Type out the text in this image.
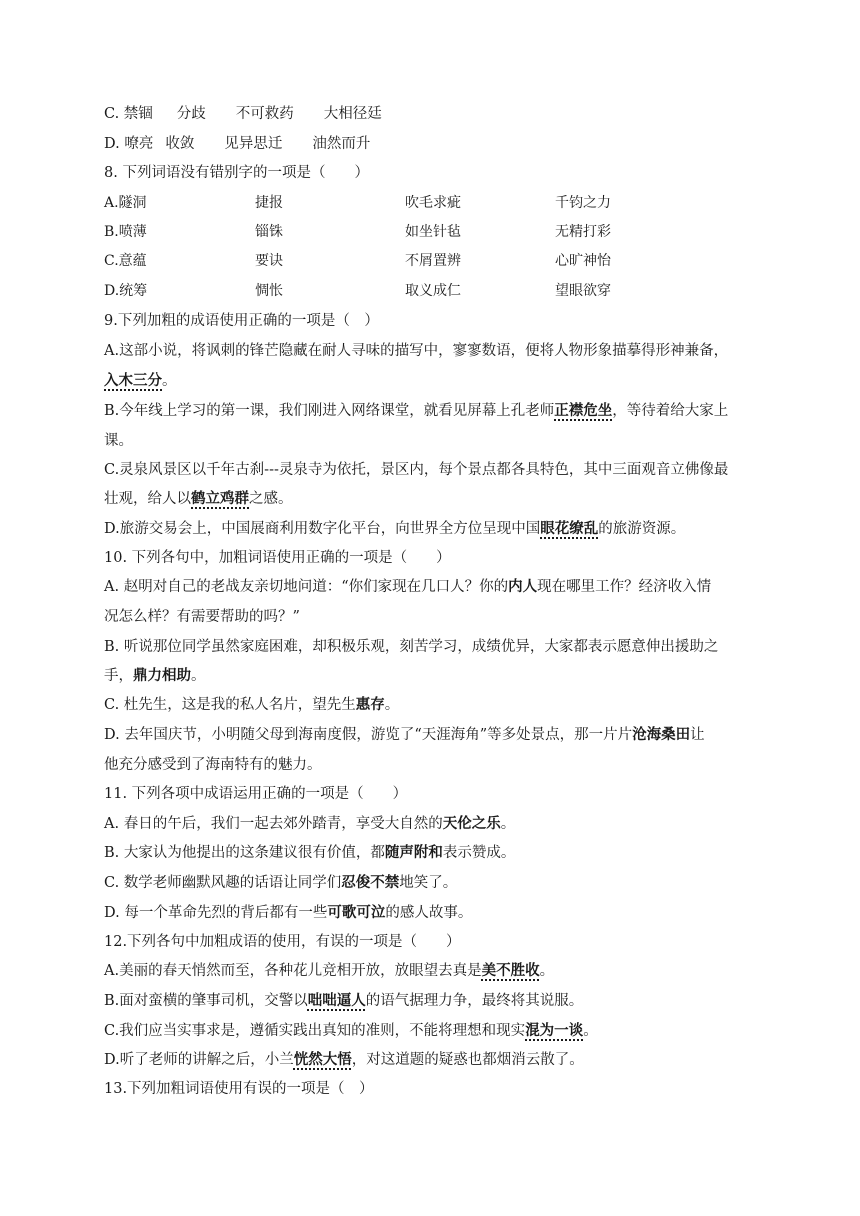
C. 禁锢 分歧 不可救药 大相径廷
D. 嘹亮 收敛 见异思迁 油然而升
8. 下列词语没有错别字的一项是（　　）
A.隧洞	捷报	吹毛求疵	千钧之力
B.喷薄	锱铢	如坐针毡	无精打彩
C.意蕴	要诀	不屑置辨	心旷神怡
D.统筹	惆怅	取义成仁	望眼欲穿
9.下列加粗的成语使用正确的一项是（　）
A.这部小说，将讽刺的锋芒隐藏在耐人寻味的描写中，寥寥数语，便将人物形象描摹得形神兼备，
入木三分。
B.今年线上学习的第一课，我们刚进入网络课堂，就看见屏幕上孔老师正襟危坐，等待着给大家上
课。
C.灵泉风景区以千年古刹---灵泉寺为依托，景区内，每个景点都各具特色，其中三面观音立佛像最
壮观，给人以鹤立鸡群之感。
D.旅游交易会上，中国展商利用数字化平台，向世界全方位呈现中国眼花缭乱的旅游资源。
10. 下列各句中，加粗词语使用正确的一项是（　　）
A. 赵明对自己的老战友亲切地问道：“你们家现在几口人？你的内人现在哪里工作？经济收入情
况怎么样？有需要帮助的吗？”
B. 听说那位同学虽然家庭困难，却积极乐观，刻苦学习，成绩优异，大家都表示愿意伸出援助之
手，鼎力相助。
C. 杜先生，这是我的私人名片，望先生惠存。
D. 去年国庆节，小明随父母到海南度假，游览了“天涯海角”等多处景点，那一片片沧海桑田让
他充分感受到了海南特有的魅力。
11. 下列各项中成语运用正确的一项是（　　）
A. 春日的午后，我们一起去郊外踏青，享受大自然的天伦之乐。
B. 大家认为他提出的这条建议很有价值，都随声附和表示赞成。
C. 数学老师幽默风趣的话语让同学们忍俊不禁地笑了。
D. 每一个革命先烈的背后都有一些可歌可泣的感人故事。
12.下列各句中加粗成语的使用，有误的一项是（　　）
A.美丽的春天悄然而至，各种花儿竞相开放，放眼望去真是美不胜收。
B.面对蛮横的肇事司机，交警以咄咄逼人的语气据理力争，最终将其说服。
C.我们应当实事求是，遵循实践出真知的准则，不能将理想和现实混为一谈。
D.听了老师的讲解之后，小兰恍然大悟，对这道题的疑惑也都烟消云散了。
13.下列加粗词语使用有误的一项是（　）
